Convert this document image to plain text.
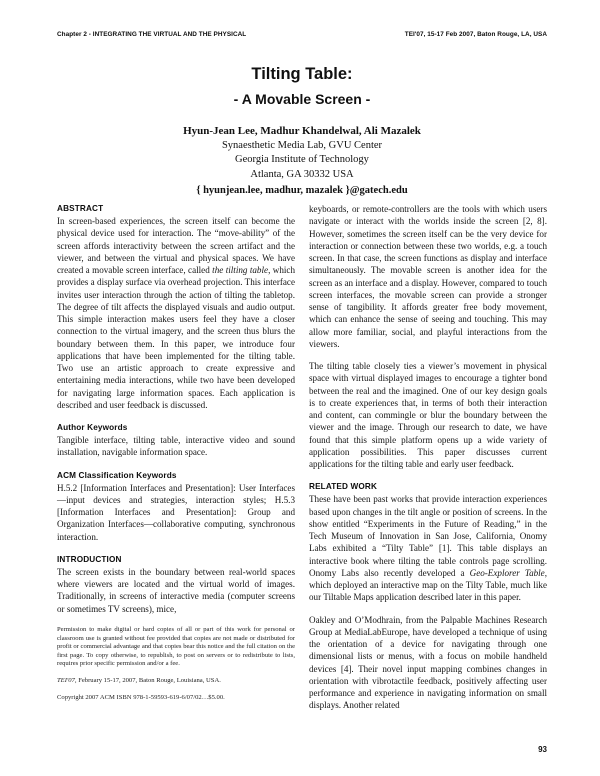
Chapter 2 - INTEGRATING THE VIRTUAL AND THE PHYSICAL	TEI'07, 15-17 Feb 2007, Baton Rouge, LA, USA
Tilting Table:
- A Movable Screen -
Hyun-Jean Lee, Madhur Khandelwal, Ali Mazalek
Synaesthetic Media Lab, GVU Center
Georgia Institute of Technology
Atlanta, GA 30332 USA
{ hyunjean.lee, madhur, mazalek }@gatech.edu
ABSTRACT

In screen-based experiences, the screen itself can become the physical device used for interaction. The “move-ability” of the screen affords interactivity between the screen artifact and the viewer, and between the virtual and physical spaces. We have created a movable screen interface, called the tilting table, which provides a display surface via overhead projection. This interface invites user interaction through the action of tilting the tabletop. The degree of tilt affects the displayed visuals and audio output. This simple interaction makes users feel they have a closer connection to the virtual imagery, and the screen thus blurs the boundary between them. In this paper, we introduce four applications that have been implemented for the tilting table. Two use an artistic approach to create expressive and entertaining media interactions, while two have been developed for navigating large information spaces. Each application is described and user feedback is discussed.

Author Keywords

Tangible interface, tilting table, interactive video and sound installation, navigable information space.

ACM Classification Keywords

H.5.2 [Information Interfaces and Presentation]: User Interfaces—input devices and strategies, interaction styles; H.5.3 [Information Interfaces and Presentation]: Group and Organization Interfaces—collaborative computing, synchronous interaction.

INTRODUCTION

The screen exists in the boundary between real-world spaces where viewers are located and the virtual world of images. Traditionally, in screens of interactive media (computer screens or sometimes TV screens), mice,

keyboards, or remote-controllers are the tools with which users navigate or interact with the worlds inside the screen [2, 8]. However, sometimes the screen itself can be the very device for interaction or connection between these two worlds, e.g. a touch screen. In that case, the screen functions as display and interface simultaneously. The movable screen is another idea for the screen as an interface and a display. However, compared to touch screen interfaces, the movable screen can provide a stronger sense of tangibility. It affords greater free body movement, which can enhance the sense of seeing and touching. This may allow more familiar, social, and playful interactions from the viewers.

The tilting table closely ties a viewer’s movement in physical space with virtual displayed images to encourage a tighter bond between the real and the imagined. One of our key design goals is to create experiences that, in terms of both their interaction and content, can commingle or blur the boundary between the viewer and the image. Through our research to date, we have found that this simple platform opens up a wide variety of application possibilities. This paper discusses current applications for the tilting table and early user feedback.

RELATED WORK

These have been past works that provide interaction experiences based upon changes in the tilt angle or position of screens. In the show entitled “Experiments in the Future of Reading,” in the Tech Museum of Innovation in San Jose, California, Onomy Labs exhibited a “Tilty Table” [1]. This table displays an interactive book where tilting the table controls page scrolling. Onomy Labs also recently developed a Geo-Explorer Table, which deployed an interactive map on the Tilty Table, much like our Tiltable Maps application described later in this paper.

Oakley and O’Modhrain, from the Palpable Machines Research Group at MediaLabEurope, have developed a technique of using the orientation of a device for navigating through one dimensional lists or menus, with a focus on mobile handheld devices [4]. Their novel input mapping combines changes in orientation with vibrotactile feedback, positively affecting user performance and experience in navigating information on small displays. Another related

Permission to make digital or hard copies of all or part of this work for personal or classroom use is granted without fee provided that copies are not made or distributed for profit or commercial advantage and that copies bear this notice and the full citation on the first page. To copy otherwise, to republish, to post on servers or to redistribute to lists, requires prior specific permission and/or a fee.

TEI'07, February 15-17, 2007, Baton Rouge, Louisiana, USA.

Copyright 2007 ACM ISBN 978-1-59593-619-6/07/02…$5.00.

93
